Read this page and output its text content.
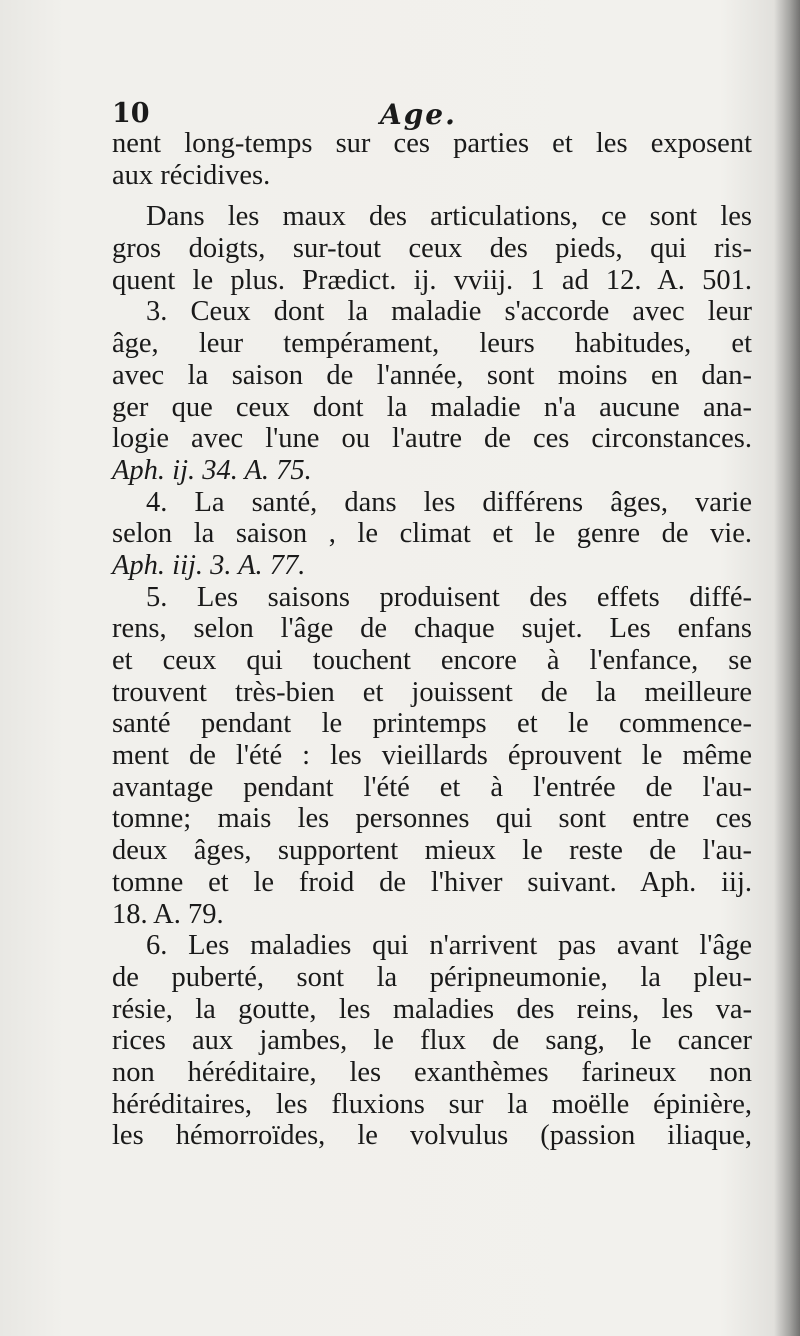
10	Age.
nent long-temps sur ces parties et les exposent
aux récidives.
Dans les maux des articulations, ce sont les
gros doigts, sur-tout ceux des pieds, qui ris-
quent le plus. Prædict. ij. vviij. 1 ad 12. A. 501.
3. Ceux dont la maladie s'accorde avec leur
âge, leur tempérament, leurs habitudes, et
avec la saison de l'année, sont moins en dan-
ger que ceux dont la maladie n'a aucune ana-
logie avec l'une ou l'autre de ces circonstances.
Aph. ij. 34. A. 75.
4. La santé, dans les différens âges, varie
selon la saison , le climat et le genre de vie.
Aph. iij. 3. A. 77.
5. Les saisons produisent des effets diffé-
rens, selon l'âge de chaque sujet. Les enfans
et ceux qui touchent encore à l'enfance, se
trouvent très-bien et jouissent de la meilleure
santé pendant le printemps et le commence-
ment de l'été : les vieillards éprouvent le même
avantage pendant l'été et à l'entrée de l'au-
tomne; mais les personnes qui sont entre ces
deux âges, supportent mieux le reste de l'au-
tomne et le froid de l'hiver suivant. Aph. iij.
18. A. 79.
6. Les maladies qui n'arrivent pas avant l'âge
de puberté, sont la péripneumonie, la pleu-
résie, la goutte, les maladies des reins, les va-
rices aux jambes, le flux de sang, le cancer
non héréditaire, les exanthèmes farineux non
héréditaires, les fluxions sur la moëlle épinière,
les hémorroïdes, le volvulus (passion iliaque,
